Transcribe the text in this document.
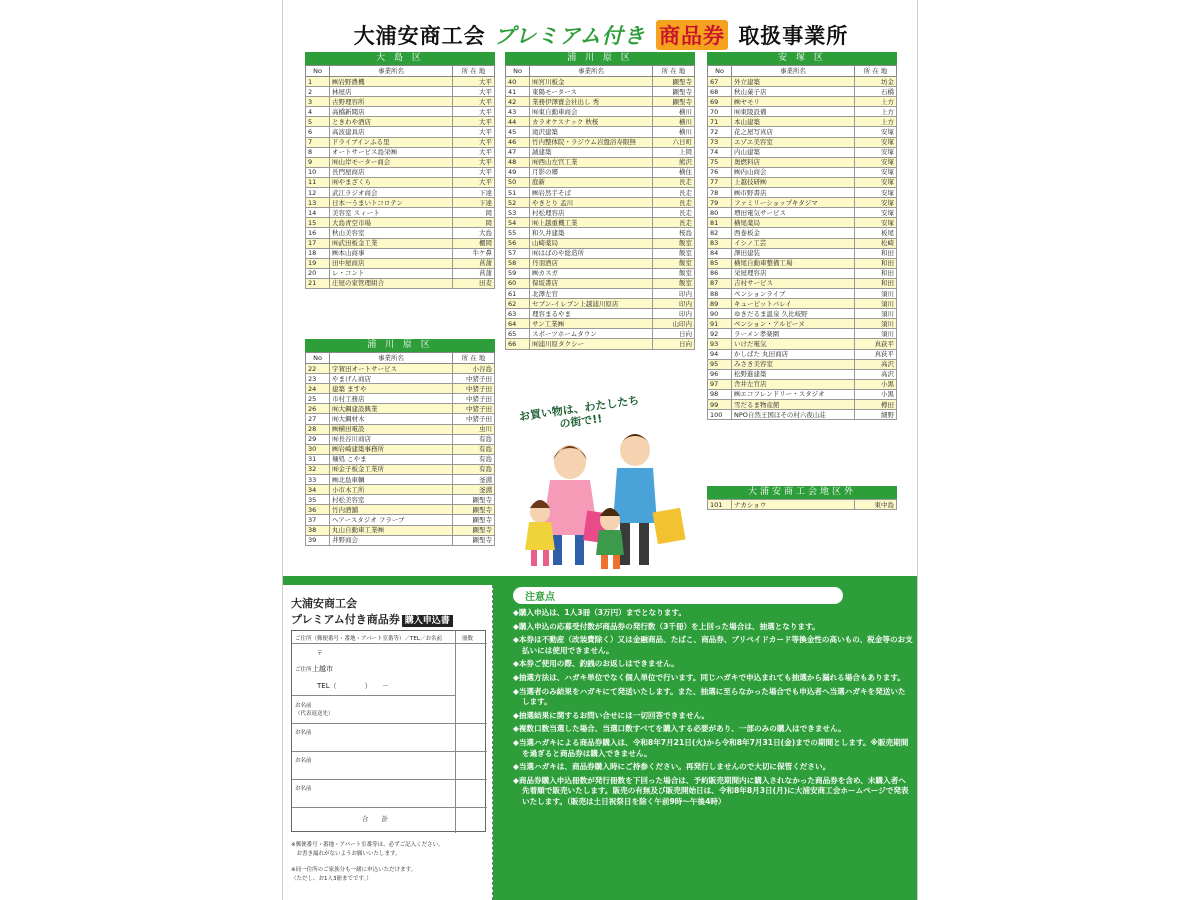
大浦安商工会 プレミアム付き 商品券 取扱事業所
大 島 区
No	事業所名	所 在 地
1	㈱岩野農機	大平
2	林屋店	大平
3	古野理容所	大平
4	高橋新聞店	大平
5	ときわや酒店	大平
6	高波建具店	大平
7	ドライブインふる里	大平
8	オートサービス島栄㈱	大平
9	㈲山岸モーター商会	大平
10	長門屋商店	大平
11	㈲やまざくら	大平
12	武江ラジオ商会	下達
13	日本一うまいトコロテン	下達
14	美容室 スィート	岡
15	大島青空市場	岡
16	秋山美容室	大島
17	㈲武田板金工業	棚岡
18	㈱本山商事	牛ケ鼻
19	田中屋商店	菖蒲
20	レ・コント	菖蒲
21	庄屋の家管理組合	田麦
浦 川 原 区
No	事業所名	所 在 地
22	宇賀田オートサービス	小谷島
23	やまげん商店	中猪子田
24	建築 ますや	中猪子田
25	市村工務店	中猪子田
26	㈲大鋼建設興業	中猪子田
27	㈲大鋼材木	中猪子田
28	㈱横田電設	虫川
29	㈲長谷川商店	有島
30	㈱岩崎建築事務所	有島
31	麺処 こやま	有島
32	㈲金子板金工業所	有島
33	㈱北島車輌	釜淵
34	小市木工所	釜淵
35	村松美容室	顕聖寺
36	竹内酒舗	顕聖寺
37	ヘアースタジオ フラーブ	顕聖寺
38	丸山自動車工業㈱	顕聖寺
39	井野商会	顕聖寺
浦 川 原 区
No	事業所名	所 在 地
40	㈲宮川板金	顕聖寺
41	東陽モータース	顕聖寺
42	業務伊澤寶会社出し 秀	顕聖寺
43	㈲東自動車商会	横川
44	カラオケスナック 秋桜	横川
45	滝沢建築	横川
46	竹内整体院・ラジウム岩盤浴寿限無	六日町
47	誠建築	上岡
48	㈲西山左官工業	熊沢
49	月影の郷	横住
50	庭新	長走
51	㈱岩然手そば	長走
52	やきとり 孟川	長走
53	村松理容店	長走
54	㈲上越重機工業	長走
55	和久井建築	桜島
56	山崎薬局	飯室
57	㈲はばのや総造所	飯室
58	丹羽酒店	飯室
59	㈱カスガ	飯室
60	保坂書店	飯室
61	北澤左官	印内
62	セブン-イレブン上越浦川原店	印内
63	理容まるやま	印内
64	サン工業㈱	山印内
65	スポーツホームタウン	日向
66	㈲浦川原タクシー	日向
安 塚 区
No	事業所名	所 在 地
67	外立建築	坊金
68	秋山菓子店	石橋
69	㈱ヤモリ	上方
70	㈲東陵設備	上方
71	本山建築	上方
72	花之屋写真店	安塚
73	エゾエ美容室	安塚
74	内山建築	安塚
75	奥燃料店	安塚
76	㈱内山商会	安塚
77	上越技研㈱	安塚
78	㈱市野書店	安塚
79	ファミリーショップキタジマ	安塚
80	増田電気サービス	安塚
81	横尾薬局	安塚
82	西巻板金	板尾
83	イシノ工芸	松崎
84	澤田建装	和田
85	横尾自動車整備工場	和田
86	栄屋理容店	和田
87	吉村サービス	和田
88	ペンションライブ	須川
89	キューピットバレイ	須川
90	ゆきだるま温泉 久比岐野	須川
91	ペンション・アルピーヌ	須川
92	ラーメン孝楽園	須川
93	いけだ電気	真荻平
94	かしばた 丸田商店	真荻平
95	みさき美容室	高沢
96	松野進建築	高沢
97	舎井左官店	小黒
98	㈱エコフレンドリー・スタジオ	小黒
99	雪だるま物産館	樽田
100	NPO自然王国ほその村六夜山荘	細野
大浦安商工会地区外
101	ナカショウ	東中島
お買い物は、わたしたちの街で!!
大浦安商工会
プレミアム付き商品券 購入申込書
ご住所（郵便番号・番地・アパート室番等）／TEL／お名前	冊数
〒
ご住所 上越市
TEL（　　　　）　　－
お名前
（代表返送先）
お名前
お名前
お名前
合　　計
※郵便番号・番地・アパート室番等は、必ずご記入ください。
　お書き漏れがないようお願いいたします。
※同一住所のご家族分も一緒に申込いただけます。
（ただし、お1人3冊までです。）
注意点
◆購入申込は、1人3冊（3万円）までとなります。
◆購入申込の応募受付数が商品券の発行数（3千冊）を上回った場合は、抽選となります。
◆本券は不動産（改装費除く）又は金融商品、たばこ、商品券、プリペイドカード等換金性の高いもの、税金等のお支払いには使用できません。
◆本券ご使用の際、釣銭のお返しはできません。
◆抽選方法は、ハガキ単位でなく個人単位で行います。同じハガキで申込まれても抽選から漏れる場合もあります。
◆当選者のみ結果をハガキにて発送いたします。また、抽選に至らなかった場合でも申込者へ当選ハガキを発送いたします。
◆抽選結果に関するお問い合せには一切回答できません。
◆複数口数当選した場合、当選口数すべてを購入する必要があり、一部のみの購入はできません。
◆当選ハガキによる商品券購入は、令和8年7月21日(火)から令和8年7月31日(金)までの期間とします。※販売期間を過ぎると商品券は購入できません。
◆当選ハガキは、商品券購入時にご持参ください。再発行しませんので大切に保管ください。
◆商品券購入申込冊数が発行冊数を下回った場合は、予約販売期間内に購入されなかった商品券を含め、未購入者へ先着順で販売いたします。販売の有無及び販売開始日は、令和8年8月3日(月)に大浦安商工会ホームページで発表いたします。（販売は土日祝祭日を除く午前9時～午後4時）
